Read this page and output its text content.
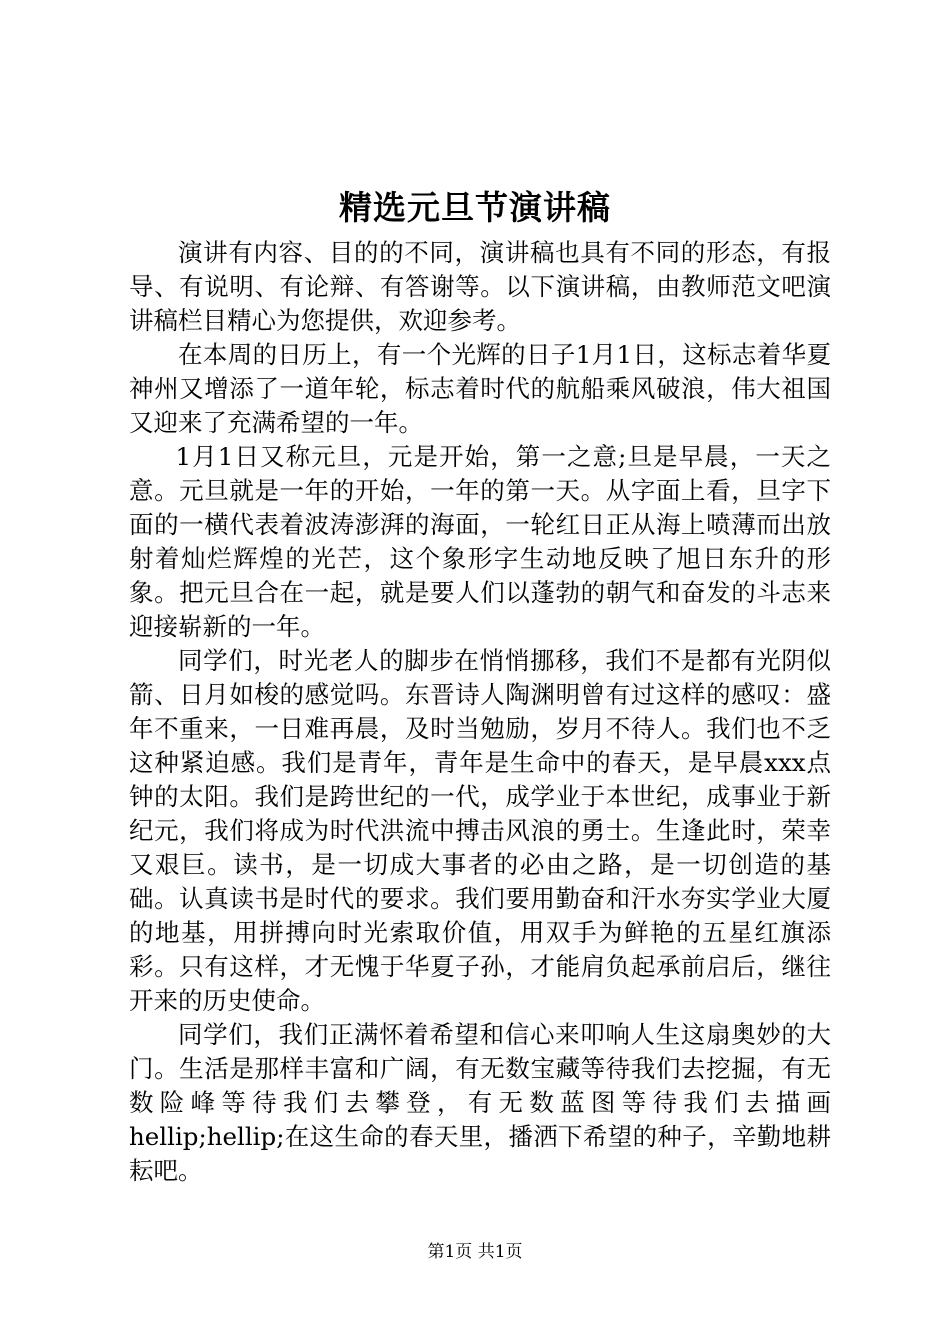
精选元旦节演讲稿

演讲有内容、目的的不同，演讲稿也具有不同的形态，有报导、有说明、有论辩、有答谢等。以下演讲稿，由教师范文吧演讲稿栏目精心为您提供，欢迎参考。

在本周的日历上，有一个光辉的日子1月1日，这标志着华夏神州又增添了一道年轮，标志着时代的航船乘风破浪，伟大祖国又迎来了充满希望的一年。

1月1日又称元旦，元是开始，第一之意;旦是早晨，一天之意。元旦就是一年的开始，一年的第一天。从字面上看，旦字下面的一横代表着波涛澎湃的海面，一轮红日正从海上喷薄而出放射着灿烂辉煌的光芒，这个象形字生动地反映了旭日东升的形象。把元旦合在一起，就是要人们以蓬勃的朝气和奋发的斗志来迎接崭新的一年。

同学们，时光老人的脚步在悄悄挪移，我们不是都有光阴似箭、日月如梭的感觉吗。东晋诗人陶渊明曾有过这样的感叹：盛年不重来，一日难再晨，及时当勉励，岁月不待人。我们也不乏这种紧迫感。我们是青年，青年是生命中的春天，是早晨xxx点钟的太阳。我们是跨世纪的一代，成学业于本世纪，成事业于新纪元，我们将成为时代洪流中搏击风浪的勇士。生逢此时，荣幸又艰巨。读书，是一切成大事者的必由之路，是一切创造的基础。认真读书是时代的要求。我们要用勤奋和汗水夯实学业大厦的地基，用拼搏向时光索取价值，用双手为鲜艳的五星红旗添彩。只有这样，才无愧于华夏子孙，才能肩负起承前启后，继往开来的历史使命。

同学们，我们正满怀着希望和信心来叩响人生这扇奥妙的大门。生活是那样丰富和广阔，有无数宝藏等待我们去挖掘，有无数险峰等待我们去攀登，有无数蓝图等待我们去描画hellip;hellip;在这生命的春天里，播洒下希望的种子，辛勤地耕耘吧。

第1页 共1页
